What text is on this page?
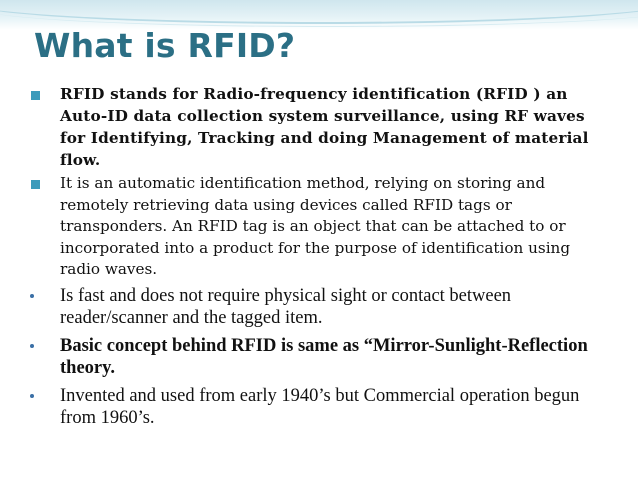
What is RFID?
RFID stands for Radio-frequency identification (RFID ) an Auto-ID data collection system surveillance, using RF waves for Identifying, Tracking and doing Management of material flow.
It is an automatic identification method, relying on storing and remotely retrieving data using devices called RFID tags or transponders. An RFID tag is an object that can be attached to or incorporated into a product for the purpose of identification using radio waves.
Is fast and does not require physical sight or contact between reader/scanner and the tagged item.
Basic concept behind RFID is same as “Mirror-Sunlight-Reflection theory.
Invented and used from early 1940’s but Commercial operation begun from 1960’s.
